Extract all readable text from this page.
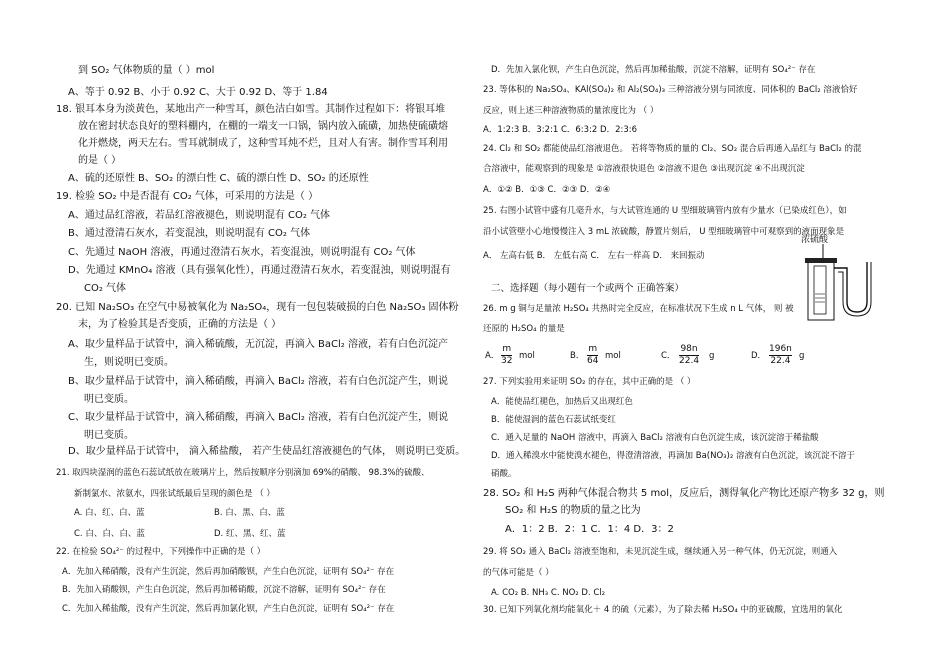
到 SO₂ 气体物质的量（ ）mol
A、等于 0.92 B、小于 0.92 C、大于 0.92 D、等于 1.84
18. 银耳本身为淡黄色，某地出产一种雪耳，颜色洁白如雪。其制作过程如下：将银耳堆
放在密封状态良好的塑料棚内，在棚的一端支一口锅，锅内放入硫磺，加热使硫磺熔
化并燃烧，两天左右。雪耳就制成了，这种雪耳炖不烂，且对人有害。制作雪耳利用
的是（ ）
A、硫的还原性 B、SO₂ 的漂白性 C、硫的漂白性 D、SO₂ 的还原性
19. 检验 SO₂ 中是否混有 CO₂ 气体，可采用的方法是（ ）
A、通过品红溶液，若品红溶液褪色，则说明混有 CO₂ 气体
B、通过澄清石灰水，若变混浊，则说明混有 CO₂ 气体
C、先通过 NaOH 溶液，再通过澄清石灰水，若变混浊，则说明混有 CO₂ 气体
D、先通过 KMnO₄ 溶液（具有强氧化性），再通过澄清石灰水，若变混浊，则说明混有
CO₂ 气体
20. 已知 Na₂SO₃ 在空气中易被氧化为 Na₂SO₄，现有一包包装破损的白色 Na₂SO₃ 固体粉
末，为了检验其是否变质，正确的方法是（ ）
A、取少量样品于试管中，滴入稀硫酸，无沉淀，再滴入 BaCl₂ 溶液，若有白色沉淀产
生，则说明已变质。
B、取少量样品于试管中，滴入稀硝酸，再滴入 BaCl₂ 溶液，若有白色沉淀产生，则说
明已变质。
C、取少量样品于试管中，滴入稀硝酸，再滴入 BaCl₂ 溶液，若有白色沉淀产生，则说
明已变质。
D、取少量样品于试管中， 滴入稀盐酸， 若产生使品红溶液褪色的气体， 则说明已变质。
21. 取四块湿润的蓝色石蕊试纸放在玻璃片上，然后按顺序分别滴加 69%的硝酸、 98.3%的硫酸、
新制氯水、浓氨水，四张试纸最后呈现的颜色是 （ ）
A. 白、红、白、蓝	B. 白、黑、白、蓝
C. 白、白、白、蓝	D. 红、黑、红、蓝
22. 在检验 SO₄²⁻ 的过程中，下列操作中正确的是（ ）
A．先加入稀硝酸，没有产生沉淀，然后再加硝酸钡，产生白色沉淀，证明有 SO₄²⁻ 存在
B．先加入硝酸钡，产生白色沉淀，然后再加稀硝酸，沉淀不溶解，证明有 SO₄²⁻ 存在
C．先加入稀盐酸，没有产生沉淀，然后再加氯化钡，产生白色沉淀，证明有 SO₄²⁻ 存在
A．
m
32 mol	B．
m
64 mol	C．
98n
22.4 g	D．
196n
22.4 g
浓硫酸
D．先加入氯化钡，产生白色沉淀，然后再加稀盐酸，沉淀不溶解，证明有 SO₄²⁻ 存在
23. 等体积的 Na₂SO₄、KAl(SO₄)₂ 和 Al₂(SO₄)₃ 三种溶液分别与同浓度、同体积的 BaCl₂ 溶液恰好
反应，则上述三种溶液物质的量浓度比为 （ ）
A．1:2:3 B．3:2:1 C．6:3:2 D．2:3:6
24. Cl₂ 和 SO₂ 都能使品红溶液退色。 若将等物质的量的 Cl₂、SO₂ 混合后再通入品红与 BaCl₂ 的混
合溶液中，能观察到的现象是 ①溶液很快退色 ②溶液不退色 ③出现沉淀 ④不出现沉淀
A．①② B．①③ C．②③ D．②④
25. 右图小试管中盛有几毫升水，与大试管连通的 U 型细玻璃管内放有少量水（已染成红色），如
沿小试管壁小心地慢慢注入 3 mL 浓硫酸，静置片刻后， U 型细玻璃管中可观察到的液面现象是
A． 左高右低 B． 左低右高 C． 左右一样高 D． 来回振动
二、选择题（每小题有一个或两个 正确答案）
26. m g 铜与足量浓 H₂SO₄ 共热时完全反应，在标准状况下生成 n L 气体， 则 被
还原的 H₂SO₄ 的量是
27. 下列实验用来证明 SO₂ 的存在，其中正确的是 （ ）
A．能使品红褪色，加热后又出现红色
B．能使湿润的蓝色石蕊试纸变红
C．通入足量的 NaOH 溶液中，再滴入 BaCl₂ 溶液有白色沉淀生成，该沉淀溶于稀盐酸
D．通入稀溴水中能使溴水褪色，得澄清溶液，再滴加 Ba(NO₃)₂ 溶液有白色沉淀，该沉淀不溶于
硝酸。
28. SO₂ 和 H₂S 两种气体混合物共 5 mol，反应后，测得氧化产物比还原产物多 32 g，则
SO₂ 和 H₂S 的物质的量之比为
A．1：2 B．2：1 C．1：4 D．3：2
29. 将 SO₂ 通入 BaCl₂ 溶液至饱和，未见沉淀生成，继续通入另一种气体，仍无沉淀，则通入
的气体可能是（ ）
A. CO₂ B. NH₃ C. NO₂ D. Cl₂
30. 已知下列氧化剂均能氧化＋ 4 的硫（元素），为了除去稀 H₂SO₄ 中的亚硫酸，宜选用的氧化
